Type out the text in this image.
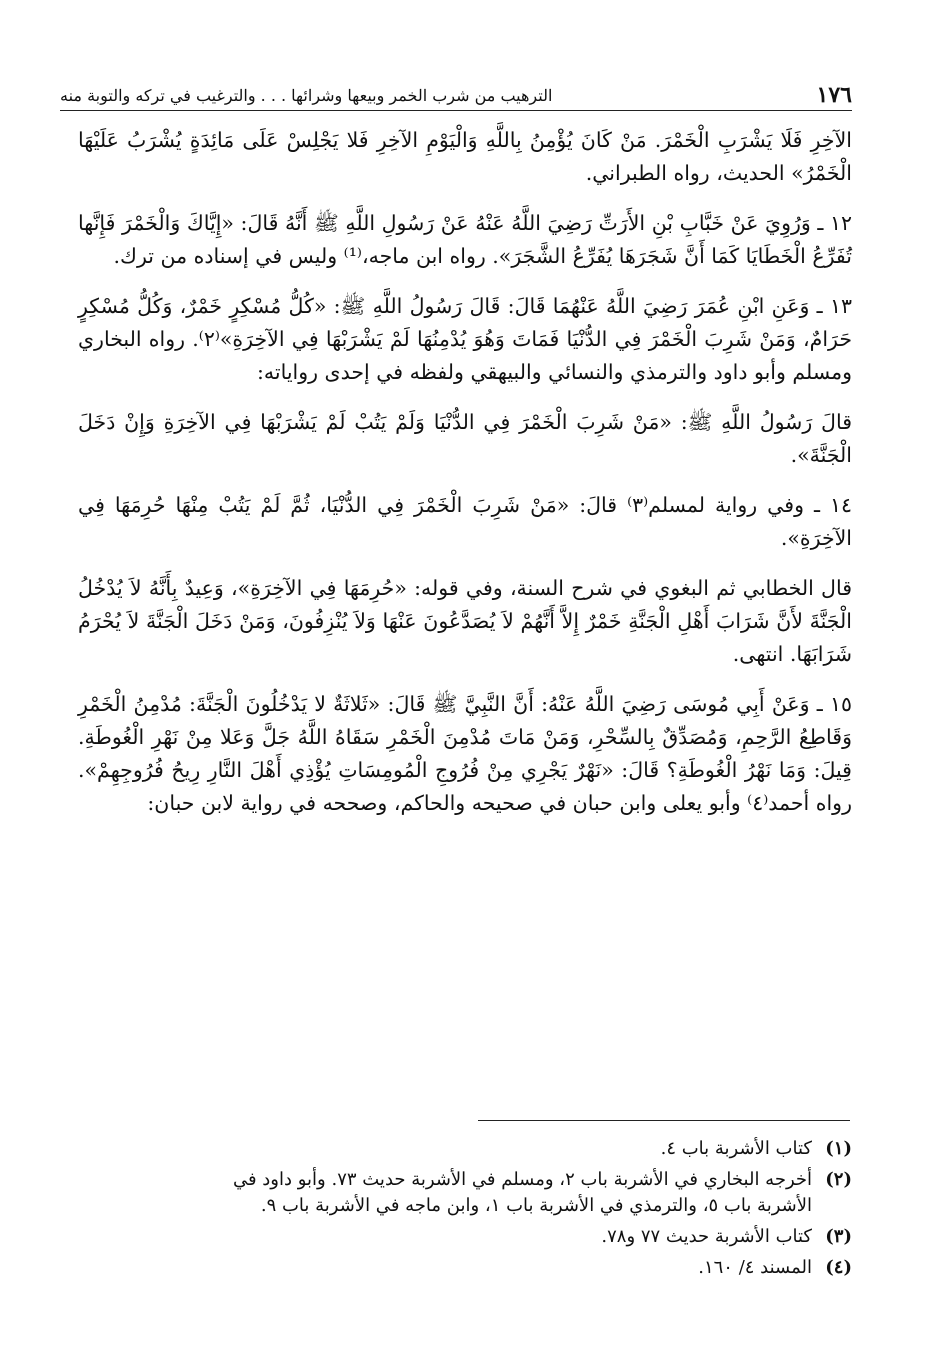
١٧٦
الترهيب من شرب الخمر وبيعها وشرائها . . . والترغيب في تركه والتوبة منه

الآخِرِ فَلَا يَشْرَبِ الْخَمْرَ. مَنْ كَانَ يُؤْمِنُ بِاللَّهِ وَالْيَوْمِ الآخِرِ فَلا يَجْلِسْ عَلَى مَائِدَةٍ يُشْرَبُ عَلَيْهَا الْخَمْرُ» الحديث، رواه الطبراني.

١٢ ـ وَرُوِيَ عَنْ خَبَّابِ بْنِ الأَرَتِّ رَضِيَ اللَّهُ عَنْهُ عَنْ رَسُولِ اللَّهِ ﷺ أَنَّهُ قَالَ: «إِيَّاكَ وَالْخَمْرَ فَإِنَّها تُفَرِّعُ الْخَطَايَا كَمَا أَنَّ شَجَرَهَا يُفَرِّعُ الشَّجَرَ». رواه ابن ماجه،⁽¹⁾ وليس في إسناده من ترك.

١٣ ـ وَعَنِ ابْنِ عُمَرَ رَضِيَ اللَّهُ عَنْهُمَا قَالَ: قَالَ رَسُولُ اللَّهِ ﷺ: «كُلُّ مُسْكِرٍ خَمْرٌ، وَكُلُّ مُسْكِرٍ حَرَامٌ، وَمَنْ شَرِبَ الْخَمْرَ فِي الدُّنْيَا فَمَاتَ وَهُوَ يُدْمِنُهَا لَمْ يَشْرَبْهَا فِي الآخِرَةِ»⁽٢⁾. رواه البخاري ومسلم وأبو داود والترمذي والنسائي والبيهقي ولفظه في إحدى رواياته:

قالَ رَسُولُ اللَّهِ ﷺ: «مَنْ شَرِبَ الْخَمْرَ فِي الدُّنْيَا وَلَمْ يَتُبْ لَمْ يَشْرَبْهَا فِي الآخِرَةِ وَإِنْ دَخَلَ الْجَنَّةَ».

١٤ ـ وفي رواية لمسلم⁽٣⁾ قالَ: «مَنْ شَرِبَ الْخَمْرَ فِي الدُّنْيَا، ثُمَّ لَمْ يَتُبْ مِنْهَا حُرِمَهَا فِي الآخِرَةِ».

قال الخطابي ثم البغوي في شرح السنة، وفي قوله: «حُرِمَهَا فِي الآخِرَةِ»، وَعِيدٌ بِأَنَّهُ لاَ يُدْخُلُ الْجَنَّةَ لأَنَّ شَرَابَ أَهْلِ الْجَنَّةِ خَمْرٌ إِلاَّ أَنَّهُمْ لاَ يُصَدَّعُونَ عَنْهَا وَلاَ يُنْزِفُونَ، وَمَنْ دَخَلَ الْجَنَّةَ لاَ يُحْرَمُ شَرَابَهَا. انتهى.

١٥ ـ وَعَنْ أَبِي مُوسَى رَضِيَ اللَّهُ عَنْهُ: أَنَّ النَّبِيَّ ﷺ قَالَ: «ثَلاثَةٌ لا يَدْخُلُونَ الْجَنَّةَ: مُدْمِنُ الْخَمْرِ وَقَاطِعُ الرَّحِمِ، وَمُصَدِّقٌ بِالسِّحْرِ، وَمَنْ مَاتَ مُدْمِنَ الْخَمْرِ سَقَاهُ اللَّهُ جَلَّ وَعَلا مِنْ نَهْرِ الْغُوطَةِ. قِيلَ: وَمَا نَهْرُ الْغُوطَةِ؟ قَالَ: «نَهْرٌ يَجْرِي مِنْ فُرُوجِ الْمُومِسَاتِ يُؤْذِي أَهْلَ النَّارِ رِيحُ فُرُوجِهِمْ». رواه أحمد⁽٤⁾ وأبو يعلى وابن حبان في صحيحه والحاكم، وصححه في رواية لابن حبان:

(١)
كتاب الأشربة باب ٤.
(٢)
أخرجه البخاري في الأشربة باب ٢، ومسلم في الأشربة حديث ٧٣. وأبو داود في
الأشربة باب ٥، والترمذي في الأشربة باب ١، وابن ماجه في الأشربة باب ٩.
(٣)
كتاب الأشربة حديث ٧٧ و٧٨.
(٤)
المسند ٤/ ١٦٠.
